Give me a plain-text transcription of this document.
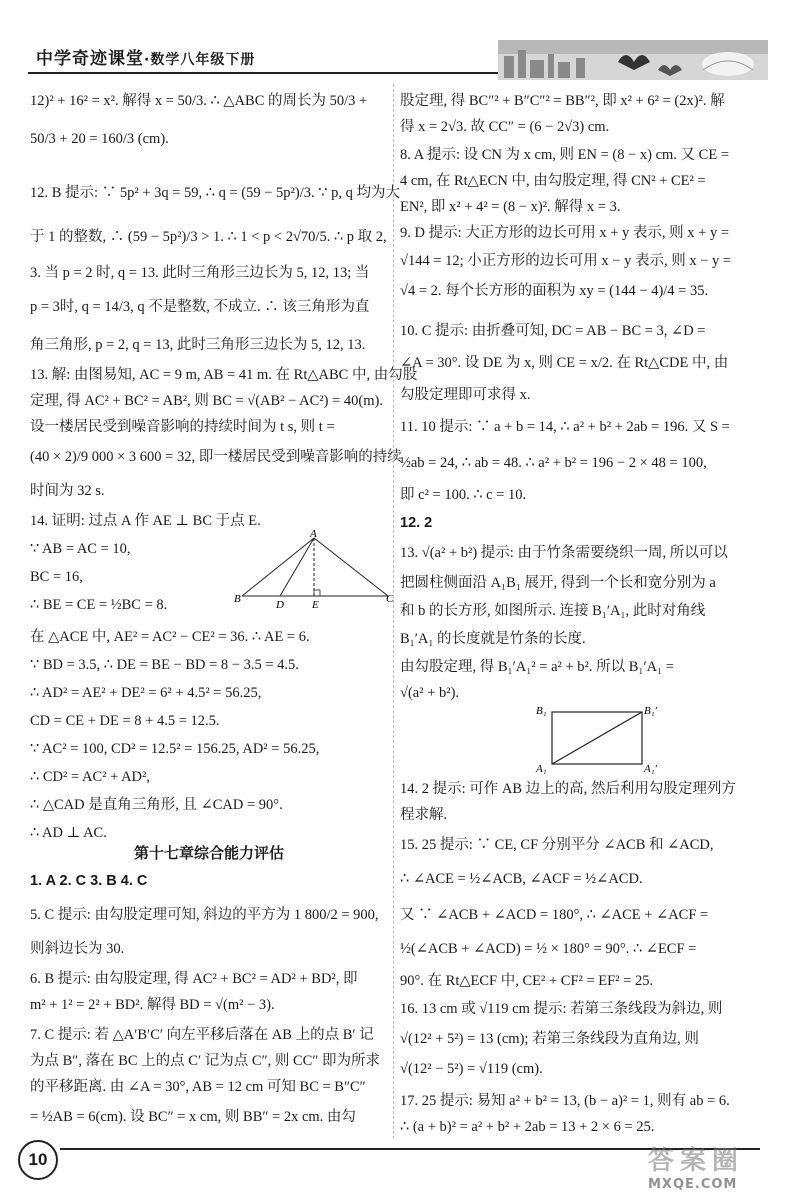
中学奇迹课堂·数学八年级下册
12)² + 16² = x². 解得 x = 50/3. ∴ △ABC 的周长为 50/3 +
50/3 + 20 = 160/3 (cm).
12. B 提示: ∵ 5p² + 3q = 59, ∴ q = (59 − 5p²)/3. ∵ p, q 均为大
于 1 的整数, ∴ (59 − 5p²)/3 > 1. ∴ 1 < p < 2√70/5. ∴ p 取 2,
3. 当 p = 2 时, q = 13. 此时三角形三边长为 5, 12, 13; 当
p = 3时, q = 14/3, q 不是整数, 不成立. ∴ 该三角形为直
角三角形, p = 2, q = 13, 此时三角形三边长为 5, 12, 13.
13. 解: 由图易知, AC = 9 m, AB = 41 m. 在 Rt△ABC 中, 由勾股
定理, 得 AC² + BC² = AB², 则 BC = √(AB² − AC²) = 40(m).
设一楼居民受到噪音影响的持续时间为 t s, 则 t =
(40 × 2)/9 000 × 3 600 = 32, 即一楼居民受到噪音影响的持续
时间为 32 s.
14. 证明: 过点 A 作 AE ⊥ BC 于点 E.
∵ AB = AC = 10,
BC = 16,
∴ BE = CE = ½BC = 8.
A
B	D	E	C
在 △ACE 中, AE² = AC² − CE² = 36. ∴ AE = 6.
∵ BD = 3.5, ∴ DE = BE − BD = 8 − 3.5 = 4.5.
∴ AD² = AE² + DE² = 6² + 4.5² = 56.25,
CD = CE + DE = 8 + 4.5 = 12.5.
∵ AC² = 100, CD² = 12.5² = 156.25, AD² = 56.25,
∴ CD² = AC² + AD²,
∴ △CAD 是直角三角形, 且 ∠CAD = 90°.
∴ AD ⊥ AC.
第十七章综合能力评估
1. A 2. C 3. B 4. C
5. C 提示: 由勾股定理可知, 斜边的平方为 1 800/2 = 900,
则斜边长为 30.
6. B 提示: 由勾股定理, 得 AC² + BC² = AD² + BD², 即
m² + 1² = 2² + BD². 解得 BD = √(m² − 3).
7. C 提示: 若 △A′B′C′ 向左平移后落在 AB 上的点 B′ 记
为点 B″, 落在 BC 上的点 C′ 记为点 C″, 则 CC″ 即为所求
的平移距离. 由 ∠A = 30°, AB = 12 cm 可知 BC = B″C″
= ½AB = 6(cm). 设 BC″ = x cm, 则 BB″ = 2x cm. 由勾
股定理, 得 BC″² + B″C″² = BB″², 即 x² + 6² = (2x)². 解
得 x = 2√3. 故 CC″ = (6 − 2√3) cm.
8. A 提示: 设 CN 为 x cm, 则 EN = (8 − x) cm. 又 CE =
4 cm, 在 Rt△ECN 中, 由勾股定理, 得 CN² + CE² =
EN², 即 x² + 4² = (8 − x)². 解得 x = 3.
9. D 提示: 大正方形的边长可用 x + y 表示, 则 x + y =
√144 = 12; 小正方形的边长可用 x − y 表示, 则 x − y =
√4 = 2. 每个长方形的面积为 xy = (144 − 4)/4 = 35.
10. C 提示: 由折叠可知, DC = AB − BC = 3, ∠D =
∠A = 30°. 设 DE 为 x, 则 CE = x/2. 在 Rt△CDE 中, 由
勾股定理即可求得 x.
11. 10 提示: ∵ a + b = 14, ∴ a² + b² + 2ab = 196. 又 S =
½ab = 24, ∴ ab = 48. ∴ a² + b² = 196 − 2 × 48 = 100,
即 c² = 100. ∴ c = 10.
12. 2
13. √(a² + b²) 提示: 由于竹条需要绕织一周, 所以可以
把圆柱侧面沿 A₁B₁ 展开, 得到一个长和宽分别为 a
和 b 的长方形, 如图所示. 连接 B₁′A₁, 此时对角线
B₁′A₁ 的长度就是竹条的长度.
由勾股定理, 得 B₁′A₁² = a² + b². 所以 B₁′A₁ =
√(a² + b²).
B₁	B₁′
A₁	A₁′
14. 2 提示: 可作 AB 边上的高, 然后利用勾股定理列方
程求解.
15. 25 提示: ∵ CE, CF 分别平分 ∠ACB 和 ∠ACD,
∴ ∠ACE = ½∠ACB, ∠ACF = ½∠ACD.
又 ∵ ∠ACB + ∠ACD = 180°, ∴ ∠ACE + ∠ACF =
½(∠ACB + ∠ACD) = ½ × 180° = 90°. ∴ ∠ECF =
90°. 在 Rt△ECF 中, CE² + CF² = EF² = 25.
16. 13 cm 或 √119 cm 提示: 若第三条线段为斜边, 则
√(12² + 5²) = 13 (cm); 若第三条线段为直角边, 则
√(12² − 5²) = √119 (cm).
17. 25 提示: 易知 a² + b² = 13, (b − a)² = 1, 则有 ab = 6.
∴ (a + b)² = a² + b² + 2ab = 13 + 2 × 6 = 25.
10	答案圈
MXQE.COM
